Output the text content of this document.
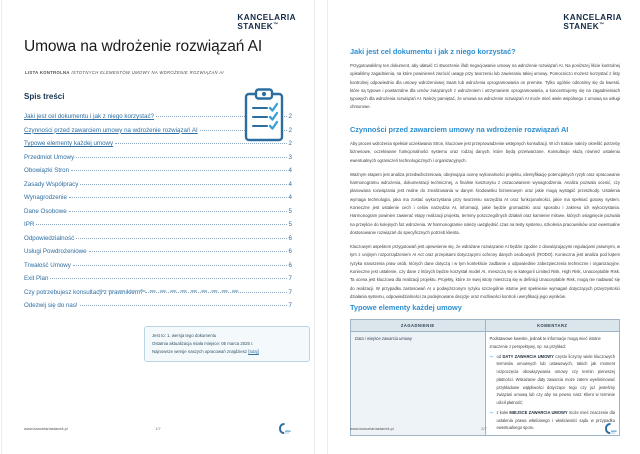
KANCELARIA
STANEK™
Umowa na wdrożenie rozwiązań AI
LISTA KONTROLNA ISTOTNYCH ELEMENTÓW UMOWY NA WDROŻENIE ROZWIĄZAŃ AI
Spis treści
Jaki jest cel dokumentu i jak z niego korzystać?	2
Czynności przed zawarciem umowy na wdrożenie rozwiązań AI	2
Typowe elementy każdej umowy	2
Przedmiot Umowy	3
Obowiązki Stron	4
Zasady Współpracy	4
Wynagrodzenie	4
Dane Osobowe	5
IPR	5
Odpowiedzialność	6
Usługi Powdrożeniowe	6
Trwałość Umowy	6
Exit Plan	7
Czy potrzebujesz konsultacji z prawnikiem?	7
Odezwij się do nas!	7
Jest to: 1. wersja tego dokumentu
Ostatnia aktualizacja miała miejsce: 05 marca 2025 r.
Najnowsze wersje naszych opracowań znajdziesz [tutaj]
www.kancelariastanek.pl	1/7
KANCELARIA
STANEK™
Jaki jest cel dokumentu i jak z niego korzystać?

Przygotowaliśmy ten dokument, aby ułatwić Ci stworzenie i/lub negocjowanie umowy na wdrożenie rozwiązań AI. Na poniższej liście kontrolnej opisaliśmy zagadnienia, na które powinieneś zwrócić uwagę przy tworzeniu lub zawieraniu takiej umowy. Pomocniczo możesz korzystać z listy kontrolnej odpowiednio dla umowy wdrożeniowej SaaS lub wdrożenia oprogramowania on premise. Tylko ogólnie odnosimy się do kwestii, które są typowe i powtarzalne dla umów związanych z wdrożeniem i utrzymaniem oprogramowania, a koncentrujemy się na zagadnieniach typowych dla wdrożenia rozwiązań AI. Należy pamiętać, że umowa na wdrożenie rozwiązań AI może mieć wiele wspólnego z umową na usługi chmurowe.

Czynności przed zawarciem umowy na wdrożenie rozwiązań AI

Aby proces wdrożenia spełniał oczekiwania Stron, kluczowe jest przeprowadzenie wstępnych konsultacji. W ich trakcie należy określić potrzeby biznesowe, oczekiwane funkcjonalności systemu oraz rodzaj danych, które będą przetwarzane. Konsultacje służą również ustaleniu ewentualnych ograniczeń technologicznych i organizacyjnych.

Ważnym etapem jest analiza przedwdrożeniowa, obejmująca ocenę wykonalności projektu, identyfikację potencjalnych ryzyk oraz opracowanie harmonogramu wdrożenia, dokumentacji technicznej, a finalnie kosztorysu z oszacowaniem wynagrodzenia. Analiza pozwala ocenić, czy planowana rozwiązania jest realne do zrealizowania w danym środowisku biznesowym oraz jakie mogą wystąpić przeszkody. Ustalenia wymaga technologia, jaka ma zostać wykorzystana przy tworzeniu narzędzia AI oraz funkcjonalności, jakie ma spełniać gotowy system. Konieczne jest ustalenie cech i celów narzędzia AI, informacji, jakie będzie gromadziło oraz sposobu i zakresu ich wykorzystania. Harmonogram powinien zawierać etapy realizacji projektu, terminy poszczególnych działań oraz kamienie milowe, których osiągnięcie pozwala na przejście do kolejnych faz wdrożenia. W harmonogramie należy uwzględnić czas na testy systemu, szkolenia pracowników oraz ewentualne dostosowanie rozwiązań do specyficznych potrzeb klienta.

Kluczowym aspektem przygotowań jest upewnienie się, że wdrażane rozwiązanie AI będzie zgodne z obowiązującymi regulacjami prawnymi, w tym z unijnym rozporządzeniem AI Act oraz przepisami dotyczącymi ochrony danych osobowych (RODO). Konieczna jest analiza pod kątem ryzyka naruszenia praw osób, których dane dotyczą i w tym kontekście zadbanie o odpowiednie zabezpieczenia techniczne i organizacyjne. Konieczne jest ustalenie, czy dane z których będzie korzystał model AI, mieszczą się w kategorii Limited Risk, High Risk, Unacceptable Risk. Ta ocena jest kluczowa dla realizacji projektu. Projekty, które ze swej istoty mieszczą się w definicji Unacceptable Risk, mogą nie nadawać się do realizacji. W przypadku zastosowań AI o podwyższonym ryzyku szczególnie istotne jest spełnienie wymagań dotyczących przejrzystości działania systemu, odpowiedzialności za podejmowane decyzje oraz możliwości kontroli i weryfikacji jego wyników.

Typowe elementy każdej umowy
ZAGADNIENIE	KOMENTARZ
Data i miejsce zawarcia umowy	Podstawowe kwestie, jednak te informacje mogą mieć istotne znaczenie z perspektywy, np. na przykład:
↪ od DATY ZAWARCIA UMOWY często liczymy wiele kluczowych terminów umownych lub ustawowych, takich jak moment rozpoczęcia obowiązywania umowy czy termin pierwszej płatności. Wskazanie daty zawarcia może zatem wyeliminować przykładowe wątpliwości dotyczące tego czy już jesteśmy związani umową lub czy aby na pewno nasz Klient w terminie uiścił płatność;
↪ z kolei MIEJSCE ZAWARCIA UMOWY może mieć znaczenie dla ustalenia prawa właściwego i właściwości sądu w przypadku ewentualnego sporu
www.kancelariastanek.pl	2/7
